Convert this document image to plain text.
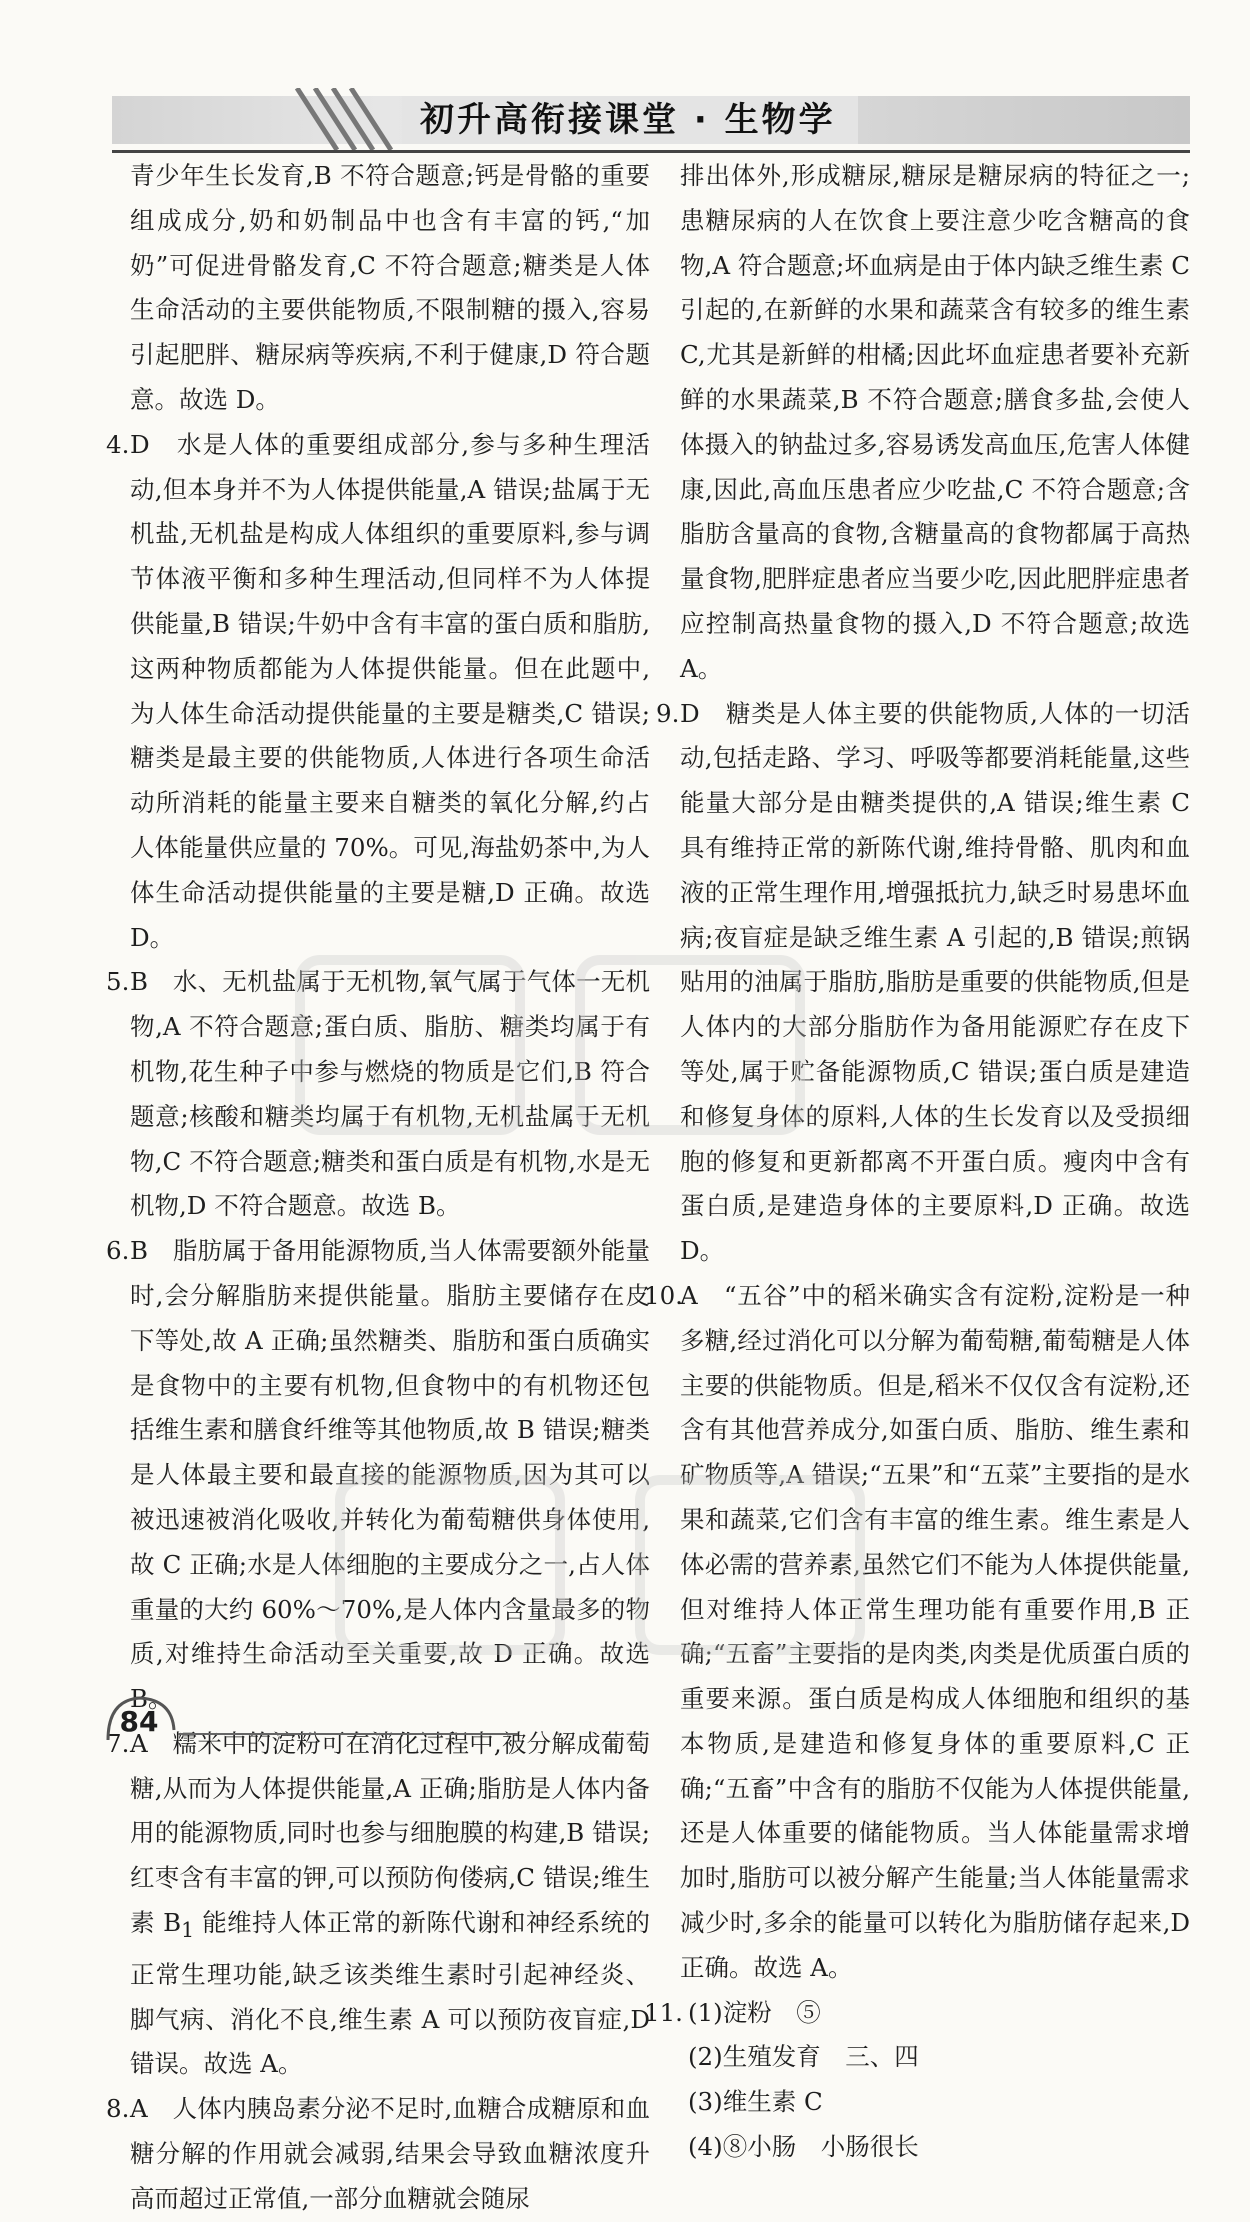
初升高衔接课堂 · 生物学
青少年生长发育,B 不符合题意;钙是骨骼的重要组成成分,奶和奶制品中也含有丰富的钙,“加奶”可促进骨骼发育,C 不符合题意;糖类是人体生命活动的主要供能物质,不限制糖的摄入,容易引起肥胖、糖尿病等疾病,不利于健康,D 符合题意。故选 D。
4. D　水是人体的重要组成部分,参与多种生理活动,但本身并不为人体提供能量,A 错误;盐属于无机盐,无机盐是构成人体组织的重要原料,参与调节体液平衡和多种生理活动,但同样不为人体提供能量,B 错误;牛奶中含有丰富的蛋白质和脂肪,这两种物质都能为人体提供能量。但在此题中,为人体生命活动提供能量的主要是糖类,C 错误;糖类是最主要的供能物质,人体进行各项生命活动所消耗的能量主要来自糖类的氧化分解,约占人体能量供应量的 70%。可见,海盐奶茶中,为人体生命活动提供能量的主要是糖,D 正确。故选 D。
5. B　水、无机盐属于无机物,氧气属于气体一无机物,A 不符合题意;蛋白质、脂肪、糖类均属于有机物,花生种子中参与燃烧的物质是它们,B 符合题意;核酸和糖类均属于有机物,无机盐属于无机物,C 不符合题意;糖类和蛋白质是有机物,水是无机物,D 不符合题意。故选 B。
6. B　脂肪属于备用能源物质,当人体需要额外能量时,会分解脂肪来提供能量。脂肪主要储存在皮下等处,故 A 正确;虽然糖类、脂肪和蛋白质确实是食物中的主要有机物,但食物中的有机物还包括维生素和膳食纤维等其他物质,故 B 错误;糖类是人体最主要和最直接的能源物质,因为其可以被迅速被消化吸收,并转化为葡萄糖供身体使用,故 C 正确;水是人体细胞的主要成分之一,占人体重量的大约 60%～70%,是人体内含量最多的物质,对维持生命活动至关重要,故 D 正确。故选 B。
7. A　糯米中的淀粉可在消化过程中,被分解成葡萄糖,从而为人体提供能量,A 正确;脂肪是人体内备用的能源物质,同时也参与细胞膜的构建,B 错误;红枣含有丰富的钾,可以预防佝偻病,C 错误;维生素 $B_1$ 能维持人体正常的新陈代谢和神经系统的正常生理功能,缺乏该类维生素时引起神经炎、脚气病、消化不良,维生素 A 可以预防夜盲症,D 错误。故选 A。
8. A　人体内胰岛素分泌不足时,血糖合成糖原和血糖分解的作用就会减弱,结果会导致血糖浓度升高而超过正常值,一部分血糖就会随尿
排出体外,形成糖尿,糖尿是糖尿病的特征之一;患糖尿病的人在饮食上要注意少吃含糖高的食物,A 符合题意;坏血病是由于体内缺乏维生素 C 引起的,在新鲜的水果和蔬菜含有较多的维生素 C,尤其是新鲜的柑橘;因此坏血症患者要补充新鲜的水果蔬菜,B 不符合题意;膳食多盐,会使人体摄入的钠盐过多,容易诱发高血压,危害人体健康,因此,高血压患者应少吃盐,C 不符合题意;含脂肪含量高的食物,含糖量高的食物都属于高热量食物,肥胖症患者应当要少吃,因此肥胖症患者应控制高热量食物的摄入,D 不符合题意;故选 A。
9. D　糖类是人体主要的供能物质,人体的一切活动,包括走路、学习、呼吸等都要消耗能量,这些能量大部分是由糖类提供的,A 错误;维生素 C 具有维持正常的新陈代谢,维持骨骼、肌肉和血液的正常生理作用,增强抵抗力,缺乏时易患坏血病;夜盲症是缺乏维生素 A 引起的,B 错误;煎锅贴用的油属于脂肪,脂肪是重要的供能物质,但是人体内的大部分脂肪作为备用能源贮存在皮下等处,属于贮备能源物质,C 错误;蛋白质是建造和修复身体的原料,人体的生长发育以及受损细胞的修复和更新都离不开蛋白质。瘦肉中含有蛋白质,是建造身体的主要原料,D 正确。故选 D。
10.
A　“五谷”中的稻米确实含有淀粉,淀粉是一种多糖,经过消化可以分解为葡萄糖,葡萄糖是人体主要的供能物质。但是,稻米不仅仅含有淀粉,还含有其他营养成分,如蛋白质、脂肪、维生素和矿物质等,A 错误;“五果”和“五菜”主要指的是水果和蔬菜,它们含有丰富的维生素。维生素是人体必需的营养素,虽然它们不能为人体提供能量,但对维持人体正常生理功能有重要作用,B 正确;“五畜”主要指的是肉类,肉类是优质蛋白质的重要来源。蛋白质是构成人体细胞和组织的基本物质,是建造和修复身体的重要原料,C 正确;“五畜”中含有的脂肪不仅能为人体提供能量,还是人体重要的储能物质。当人体能量需求增加时,脂肪可以被分解产生能量;当人体能量需求减少时,多余的能量可以转化为脂肪储存起来,D 正确。故选 A。
11. (1)淀粉　⑤
(2)生殖发育　三、四
(3)维生素 C
(4)⑧小肠　小肠很长
84
